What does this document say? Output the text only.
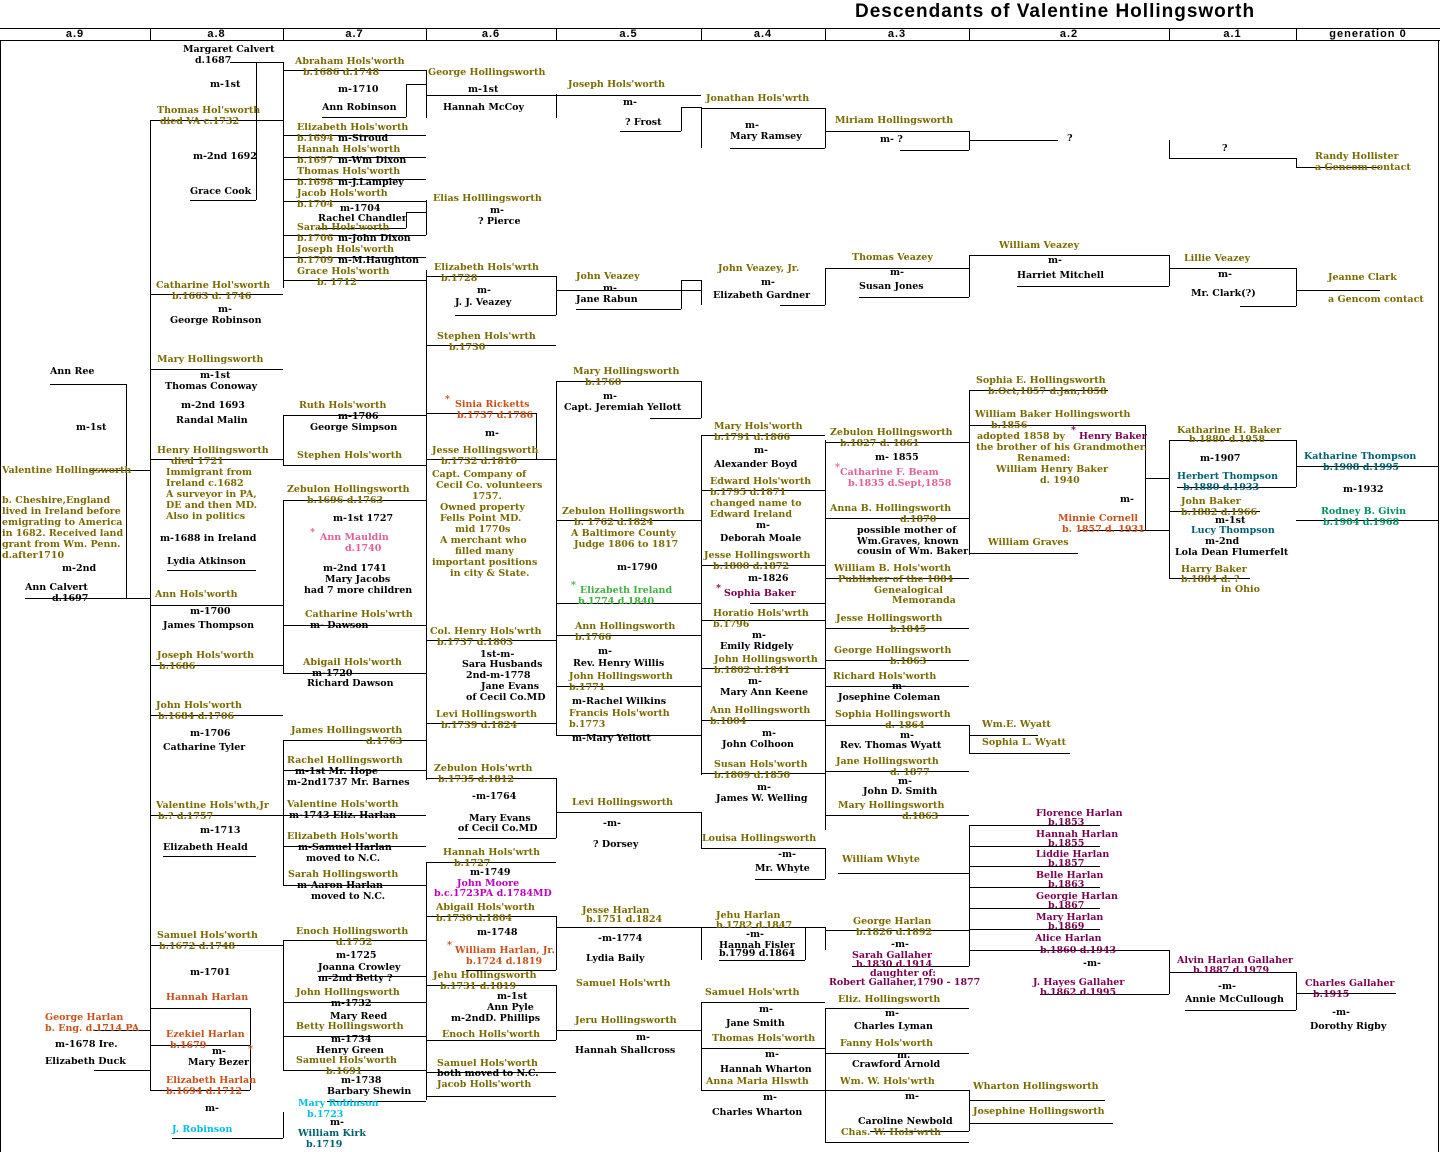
Descendants of Valentine Hollingsworth
a.9	a.8	a.7	a.6	a.5	a.4	a.3	a.2	a.1	generation 0
Margaret Calvert
d.1687
m-1st
Thomas Hol'sworth
died VA c.1732
m-2nd 1692
Grace Cook
Catharine Hol'sworth
b.1663 d. 1746
m-
George Robinson
Ann Ree
m-1st
Mary Hollingsworth
m-1st
Thomas Conoway
m-2nd 1693
Randal Malin
Valentine Hollingsworth
b. Cheshire,England
lived in Ireland before
emigrating to America
in 1682. Received land
grant from Wm. Penn.
d.after1710
m-2nd
Ann Calvert
d.1697
Henry Hollingsworth
died 1721
Immigrant from
Ireland c.1682
A surveyor in PA,
DE and then MD.
Also in politics
m-1688 in Ireland
Lydia Atkinson
Ann Hols'worth
m-1700
James Thompson
Joseph Hols'worth
b.1686
John Hols'worth
b.1684 d.1706
m-1706
Catharine Tyler
Valentine Hols'wth,Jr
b.? d.1757
m-1713
Elizabeth Heald
Samuel Hols'worth
b.1672 d.1748
m-1701
Hannah Harlan
George Harlan
b. Eng. d.1714 PA
m-1678 Ire.
Elizabeth Duck
Ezekiel Harlan
b.1679
m- *
Mary Bezer
Elizabeth Harlan
b.1694 d.1712
m-
J. Robinson
Abraham Hols'worth
b.1686 d.1748
m-1710
Ann Robinson
Elizabeth Hols'worth
b.1694 m-Stroud
Hannah Hols'worth
b.1697 m-Wm Dixon
Thomas Hols'worth
b.1698 m-J.Lampley
Jacob Hols'worth
b.1704 m-1704
Rachel Chandler
Sarah Hols'worth
b.1706 m-John Dixon
Joseph Hols'worth
b.1709 m-M.Haughton
Grace Hols'worth
b. 1712
Ruth Hols'worth
m-1706
George Simpson
Stephen Hols'worth
Zebulon Hollingsworth
b.1696 d.1763
m-1st 1727
* Ann Mauldin
d.1740
m-2nd 1741
Mary Jacobs
had 7 more children
Catharine Hols'wrth
m- Dawson
Abigail Hols'worth
m-1720
Richard Dawson
James Hollingsworth
d.1763
Rachel Hollingsworth
m-1st Mr. Hope
m-2nd1737 Mr. Barnes
Valentine Hols'worth
m-1743 Eliz. Harlan
Elizabeth Hols'worth
m-Samuel Harlan
moved to N.C.
Sarah Hollingsworth
m-Aaron Harlan
moved to N.C.
Enoch Hollingsworth
d.1752
m-1725
Joanna Crowley
m-2nd Betty ?
John Hollingsworth
m-1732
Mary Reed
Betty Hollingsworth
m-1734
Henry Green
Samuel Hols'worth
b.1691
m-1738
Barbary Shewin
Mary Robinson
b.1723
m-
William Kirk
b.1719
George Hollingsworth
m-1st
Hannah McCoy
Elias Holllingsworth
m-
? Pierce
Elizabeth Hols'wrth
b.1728
m-
J. J. Veazey
Stephen Hols'wrth
b.1730
* Sinia Ricketts
b.1737 d.1786
m-
Jesse Hollingsworth
b.1732 d.1810
Capt. Company of
Cecil Co. volunteers
1757.
Owned property
Fells Point MD.
mid 1770s
A merchant who
filled many
important positions
in city & State.
Col. Henry Hols'wrth
b.1737 d.1803
1st-m-
Sara Husbands
2nd-m-1778
Jane Evans
of Cecil Co.MD
Levi Hollingsworth
b.1739 d.1824
Zebulon Hols'wrth
b.1735 d.1812
-m-1764
Mary Evans
of Cecil Co.MD
Hannah Hols'wrth
b.1727
m-1749
John Moore
b.c.1723PA d.1784MD
Abigail Hols'worth
b.1730 d.1804
m-1748
* William Harlan, Jr.
b.1724 d.1819
Jehu Hollingsworth
b.1731 d.1819
m-1st
Ann Pyle
m-2ndD. Phillips
Enoch Holls'worth
Samuel Hols'worth
both moved to N.C.
Jacob Holls'worth
Joseph Hols'worth
m-
? Frost
John Veazey
m-
Jane Rabun
Mary Hollingsworth
b.1760
m-
Capt. Jeremiah Yellott
Zebulon Hollingsworth
b. 1762 d.1824
A Baltimore County
Judge 1806 to 1817
m-1790
* Elizabeth Ireland
b.1774 d.1840
Ann Hollingsworth
b.1766
m-
Rev. Henry Willis
John Hollingsworth
b.1771
m-Rachel Wilkins
Francis Hols'worth
b.1773
m-Mary Yellott
Levi Hollingsworth
-m-
? Dorsey
Jesse Harlan
b.1751 d.1824
-m-1774
Lydia Baily
Samuel Hols'wrth
Jeru Hollingsworth
m-
Hannah Shallcross
Jonathan Hols'wrth
m-
Mary Ramsey
John Veazey, Jr.
m-
Elizabeth Gardner
Mary Hols'worth
b.1791 d.1866
m-
Alexander Boyd
Edward Hols'worth
b.1795 d.1871
changed name to
Edward Ireland
m-
Deborah Moale
Jesse Hollingsworth
b.1800 d.1872
m-1826
* Sophia Baker
Horatio Hols'wrth
b.1796
m-
Emily Ridgely
John Hollingsworth
b.1802 d.1841
m-
Mary Ann Keene
Ann Hollingsworth
b.1804
m-
John Colhoon
Susan Hols'worth
b.1809 d.1850
m-
James W. Welling
Louisa Hollingsworth
-m-
Mr. Whyte
Jehu Harlan
b.1782 d.1847
-m-
Hannah Fisler
b.1799 d.1864
Samuel Hols'wrth
m-
Jane Smith
Thomas Hols'worth
m-
Hannah Wharton
Anna Maria Hlswth
m-
Charles Wharton
Miriam Hollingsworth
m- ?
Thomas Veazey
m-
Susan Jones
Zebulon Hollingsworth
b.1827 d. 1861
m- 1855
* Catharine F. Beam
b.1835 d.Sept,1858
Anna B. Hollingsworth
d.1870
possible mother of
Wm.Graves, known
cousin of Wm. Baker
William B. Hols'worth
Publisher of the 1884
Genealogical
Memoranda
Jesse Hollingsworth
b.1845
George Hollingsworth
b.1863
Richard Hols'worth
m-
Josephine Coleman
Sophia Hollingsworth
d. 1864
m-
Rev. Thomas Wyatt
Jane Hollingsworth
d. 1877
m-
John D. Smith
Mary Hollingsworth
d.1863
William Whyte
George Harlan
b.1826 d.1892
-m-
Sarah Gallaher
b.1830 d.1914
daughter of:
Robert Gallaher,1790 - 1877
Eliz. Hollingsworth
m-
Charles Lyman
Fanny Hols'worth
m.
Crawford Arnold
Wm. W. Hols'wrth
m-
Caroline Newbold
Chas. W. Hols'wrth
?
William Veazey
m-
Harriet Mitchell
Sophia E. Hollingsworth
b.Oct,1857 d.Jan,1858
William Baker Hollingsworth
b.1856	*
adopted 1858 by Henry Baker
the brother of his Grandmother.
Renamed:
William Henry Baker
d. 1940
m-
Minnie Cornell
b. 1857 d. 1931
William Graves
Wm.E. Wyatt
Sophia L. Wyatt
Florence Harlan
b.1853
Hannah Harlan
b.1855
Liddie Harlan
b.1857
Belle Harlan
b.1863
Georgie Harlan
b.1867
Mary Harlan
b.1869
Alice Harlan
b.1860 d.1943
-m-
J. Hayes Gallaher
b.1862 d.1995
Wharton Hollingsworth
Josephine Hollingsworth
?
Lillie Veazey
m-
Mr. Clark(?)
Katharine H. Baker
b.1880 d.1958
m-1907
Herbert Thompson
b.1880 d.1933
John Baker
b.1882 d.1966
m-1st
Lucy Thompson
m-2nd
Lola Dean Flumerfelt
Harry Baker
b.1884 d. ?
in Ohio
Alvin Harlan Gallaher
b.1887 d.1979
-m-
Annie McCullough
Randy Hollister
a Gencom contact
Jeanne Clark
a Gencom contact
Katharine Thompson
b.1908 d.1995
m-1932
Rodney B. Givin
b.1904 d.1968
Charles Gallaher
b.1915
-m-
Dorothy Rigby
